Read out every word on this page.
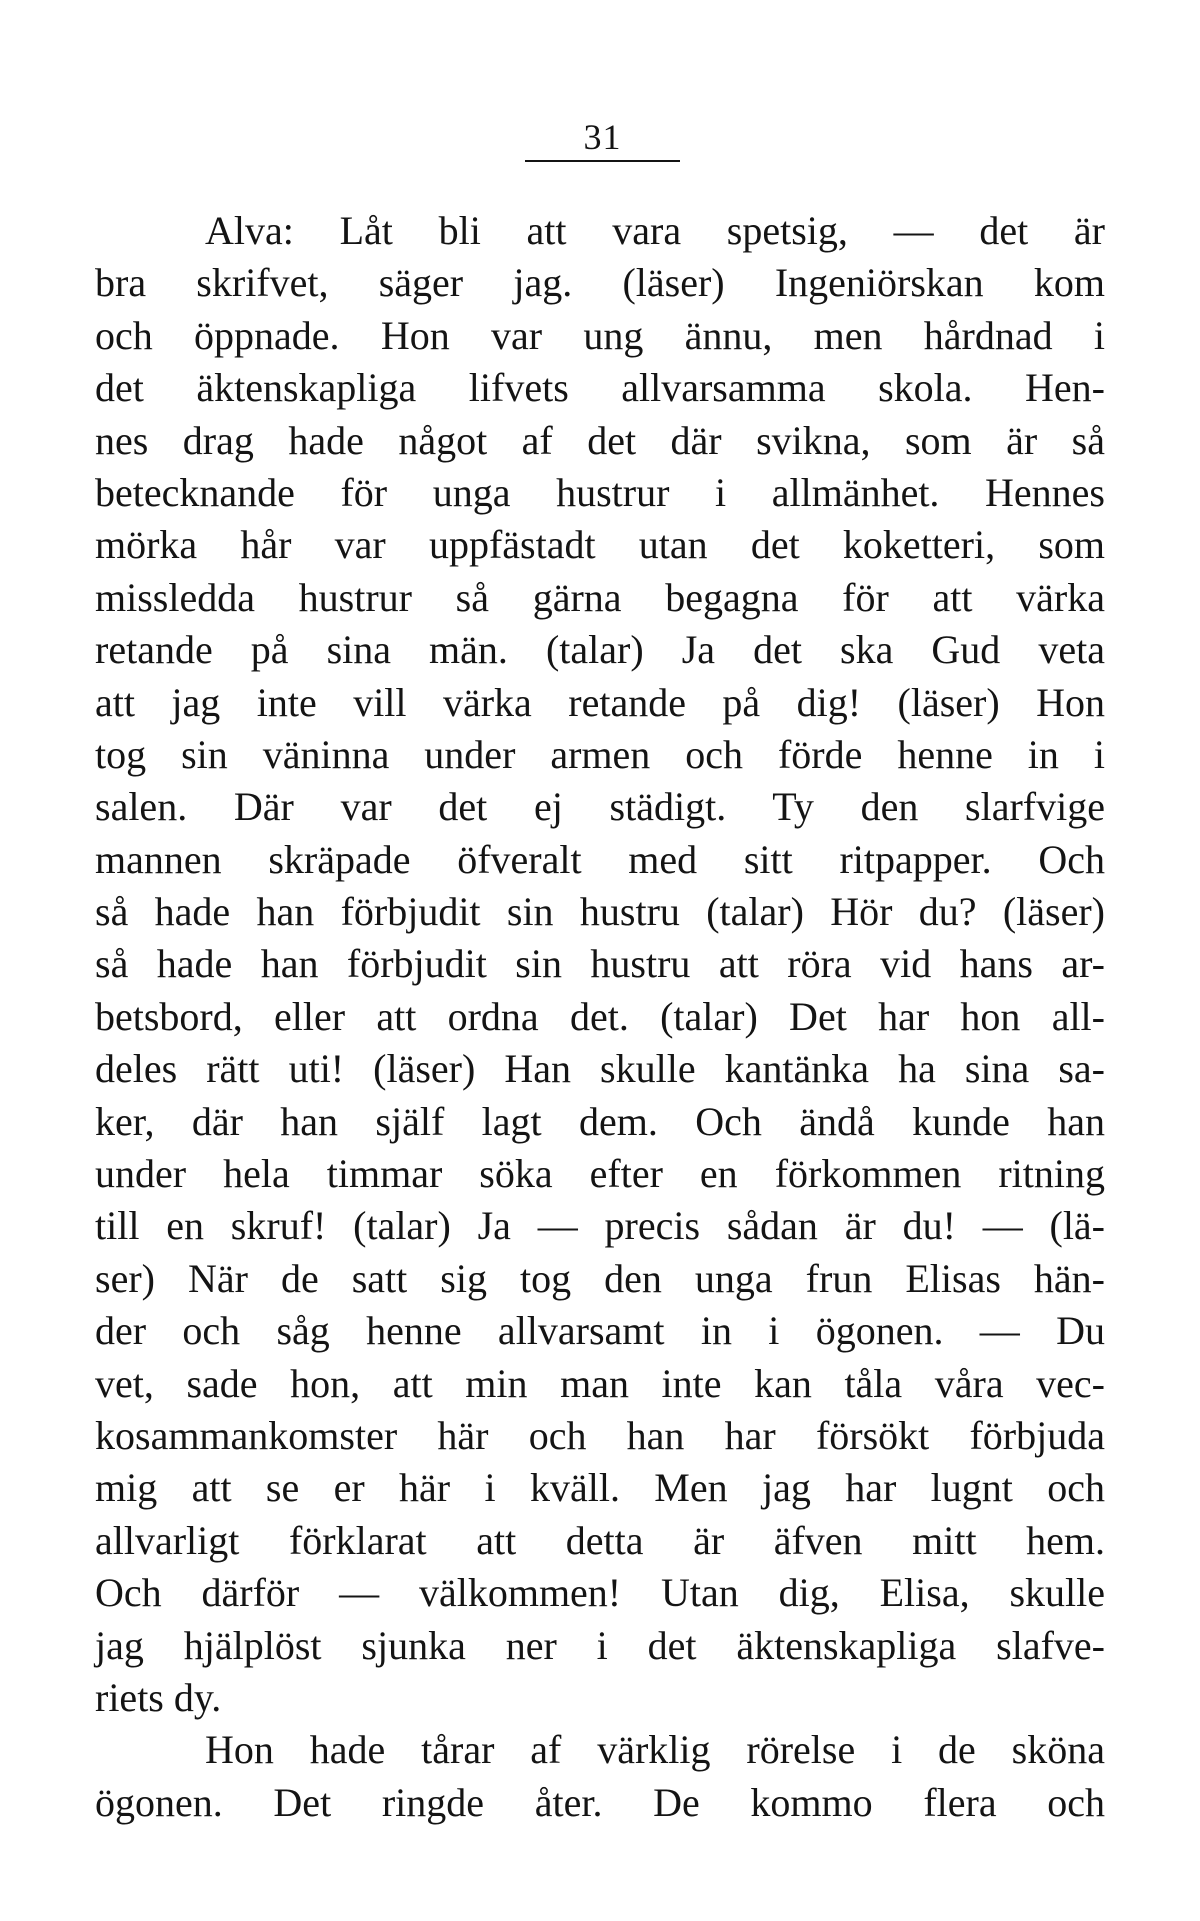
31
Alva: Låt bli att vara spetsig, — det är
bra skrifvet, säger jag. (läser) Ingeniörskan kom
och öppnade. Hon var ung ännu, men hårdnad i
det äktenskapliga lifvets allvarsamma skola. Hen-
nes drag hade något af det där svikna, som är så
betecknande för unga hustrur i allmänhet. Hennes
mörka hår var uppfästadt utan det koketteri, som
missledda hustrur så gärna begagna för att värka
retande på sina män. (talar) Ja det ska Gud veta
att jag inte vill värka retande på dig! (läser) Hon
tog sin väninna under armen och förde henne in i
salen. Där var det ej städigt. Ty den slarfvige
mannen skräpade öfveralt med sitt ritpapper. Och
så hade han förbjudit sin hustru (talar) Hör du? (läser)
så hade han förbjudit sin hustru att röra vid hans ar-
betsbord, eller att ordna det. (talar) Det har hon all-
deles rätt uti! (läser) Han skulle kantänka ha sina sa-
ker, där han själf lagt dem. Och ändå kunde han
under hela timmar söka efter en förkommen ritning
till en skruf! (talar) Ja — precis sådan är du! — (lä-
ser) När de satt sig tog den unga frun Elisas hän-
der och såg henne allvarsamt in i ögonen. — Du
vet, sade hon, att min man inte kan tåla våra vec-
kosammankomster här och han har försökt förbjuda
mig att se er här i kväll. Men jag har lugnt och
allvarligt förklarat att detta är äfven mitt hem.
Och därför — välkommen! Utan dig, Elisa, skulle
jag hjälplöst sjunka ner i det äktenskapliga slafve-
riets dy.
Hon hade tårar af värklig rörelse i de sköna
ögonen. Det ringde åter. De kommo flera och
